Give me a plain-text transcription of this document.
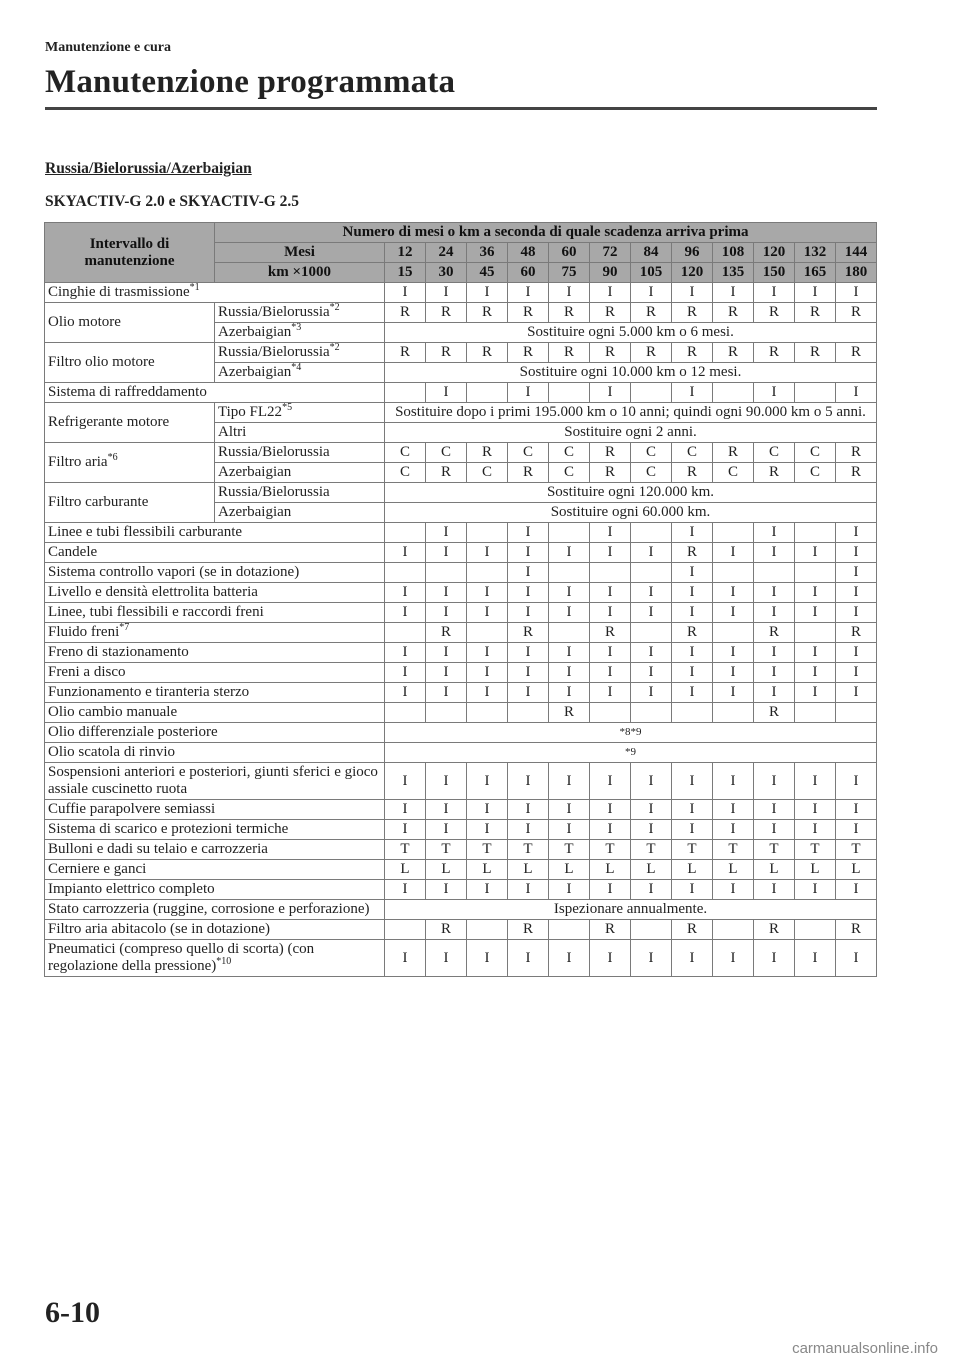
Manutenzione e cura
Manutenzione programmata
Russia/Bielorussia/Azerbaigian
SKYACTIV-G 2.0 e SKYACTIV-G 2.5
Intervallo di manutenzione	Numero di mesi o km a seconda di quale scadenza arriva prima												
	Mesi	12	24	36	48	60	72	84	96	108	120	132	144
	km ×1000	15	30	45	60	75	90	105	120	135	150	165	180
Cinghie di trasmissione$^{*1}$		I	I	I	I	I	I	I	I	I	I	I	I
Olio motore	Russia/Bielorussia$^{*2}$	R	R	R	R	R	R	R	R	R	R	R	R
	Azerbaigian$^{*3}$	Sostituire ogni 5.000 km o 6 mesi.											
Filtro olio motore	Russia/Bielorussia$^{*2}$	R	R	R	R	R	R	R	R	R	R	R	R
	Azerbaigian$^{*4}$	Sostituire ogni 10.000 km o 12 mesi.											
Sistema di raffreddamento			I		I		I		I		I		I
Refrigerante motore	Tipo FL22$^{*5}$	Sostituire dopo i primi 195.000 km o 10 anni; quindi ogni 90.000 km o 5 anni.											
	Altri	Sostituire ogni 2 anni.											
Filtro aria$^{*6}$	Russia/Bielorussia	C	C	R	C	C	R	C	C	R	C	C	R
	Azerbaigian	C	R	C	R	C	R	C	R	C	R	C	R
Filtro carburante	Russia/Bielorussia	Sostituire ogni 120.000 km.											
	Azerbaigian	Sostituire ogni 60.000 km.											
Linee e tubi flessibili carburante			I		I		I		I		I		I
Candele		I	I	I	I	I	I	I	R	I	I	I	I
Sistema controllo vapori (se in dotazione)					I				I				I
Livello e densità elettrolita batteria		I	I	I	I	I	I	I	I	I	I	I	I
Linee, tubi flessibili e raccordi freni		I	I	I	I	I	I	I	I	I	I	I	I
Fluido freni$^{*7}$			R		R		R		R		R		R
Freno di stazionamento		I	I	I	I	I	I	I	I	I	I	I	I
Freni a disco		I	I	I	I	I	I	I	I	I	I	I	I
Funzionamento e tiranteria sterzo		I	I	I	I	I	I	I	I	I	I	I	I
Olio cambio manuale						R					R		
Olio differenziale posteriore		*8*9											
Olio scatola di rinvio		*9											
Sospensioni anteriori e posteriori, giunti sferici e gioco assiale cuscinetto ruota		I	I	I	I	I	I	I	I	I	I	I	I
Cuffie parapolvere semiassi		I	I	I	I	I	I	I	I	I	I	I	I
Sistema di scarico e protezioni termiche		I	I	I	I	I	I	I	I	I	I	I	I
Bulloni e dadi su telaio e carrozzeria		T	T	T	T	T	T	T	T	T	T	T	T
Cerniere e ganci		L	L	L	L	L	L	L	L	L	L	L	L
Impianto elettrico completo		I	I	I	I	I	I	I	I	I	I	I	I
Stato carrozzeria (ruggine, corrosione e perforazione)		Ispezionare annualmente.											
Filtro aria abitacolo (se in dotazione)			R		R		R		R		R		R
Pneumatici (compreso quello di scorta) (con regolazione della pressione)$^{*10}$		I	I	I	I	I	I	I	I	I	I	I	I
6-10
carmanualsonline.info
